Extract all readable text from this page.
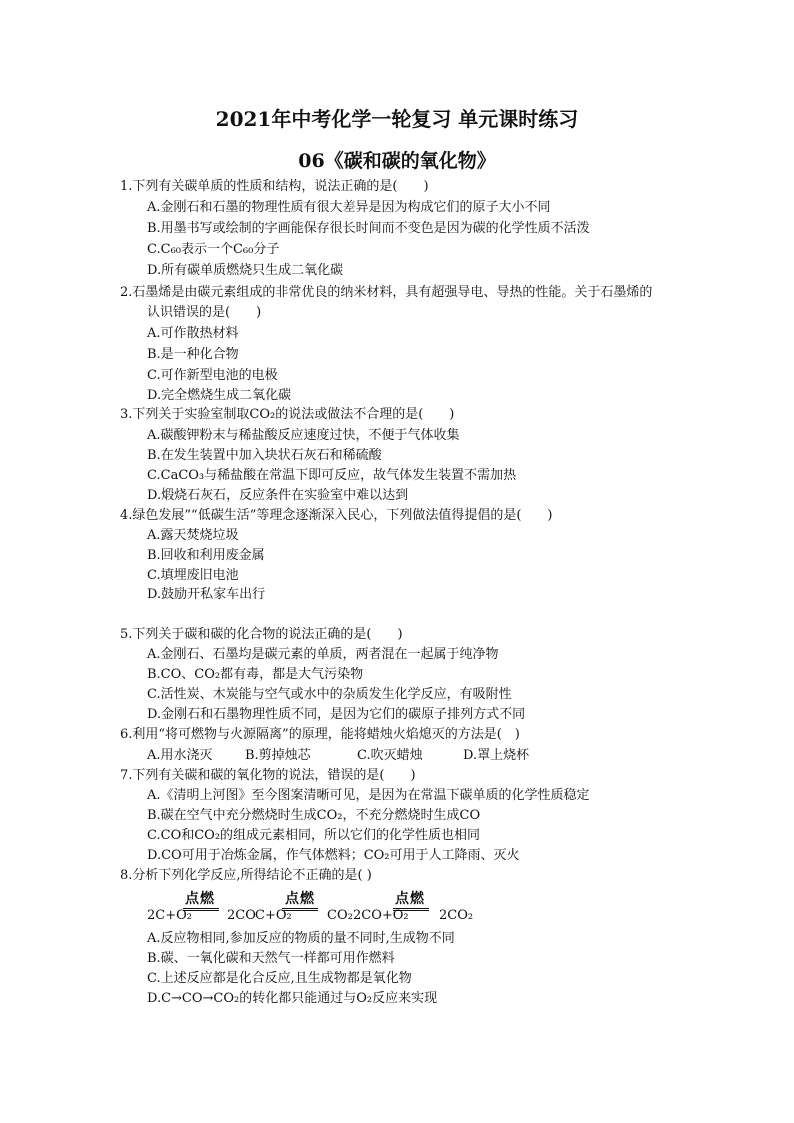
2021年中考化学一轮复习 单元课时练习
06《碳和碳的氧化物》
1.下列有关碳单质的性质和结构，说法正确的是(　　)
A.金刚石和石墨的物理性质有很大差异是因为构成它们的原子大小不同
B.用墨书写或绘制的字画能保存很长时间而不变色是因为碳的化学性质不活泼
C.C₆₀表示一个C₆₀分子
D.所有碳单质燃烧只生成二氧化碳
2.石墨烯是由碳元素组成的非常优良的纳米材料，具有超强导电、导热的性能。关于石墨烯的
认识错误的是(　　)
A.可作散热材料
B.是一种化合物
C.可作新型电池的电极
D.完全燃烧生成二氧化碳
3.下列关于实验室制取CO₂的说法或做法不合理的是(　　)
A.碳酸钾粉末与稀盐酸反应速度过快，不便于气体收集
B.在发生装置中加入块状石灰石和稀硫酸
C.CaCO₃与稀盐酸在常温下即可反应，故气体发生装置不需加热
D.煅烧石灰石，反应条件在实验室中难以达到
4.绿色发展”“低碳生活”等理念逐渐深入民心，下列做法值得提倡的是(　　)
A.露天焚烧垃圾
B.回收和利用废金属
C.填埋废旧电池
D.鼓励开私家车出行
5.下列关于碳和碳的化合物的说法正确的是(　　)
A.金刚石、石墨均是碳元素的单质，两者混在一起属于纯净物
B.CO、CO₂都有毒，都是大气污染物
C.活性炭、木炭能与空气或水中的杂质发生化学反应，有吸附性
D.金刚石和石墨物理性质不同，是因为它们的碳原子排列方式不同
6.利用“将可燃物与火源隔离”的原理，能将蜡烛火焰熄灭的方法是(　)
A.用水浇灭 B.剪掉烛芯	C.吹灭蜡烛	D.罩上烧杯
7.下列有关碳和碳的氧化物的说法，错误的是(　　)
A.《清明上河图》至今图案清晰可见，是因为在常温下碳单质的化学性质稳定
B.碳在空气中充分燃烧时生成CO₂，不充分燃烧时生成CO
C.CO和CO₂的组成元素相同，所以它们的化学性质也相同
D.CO可用于冶炼金属，作气体燃料；CO₂可用于人工降雨、灭火
8.分析下列化学反应,所得结论不正确的是( )
2C+O₂
点燃
2CO C+O₂
点燃
CO₂ 2CO+O₂
点燃
2CO₂
A.反应物相同,参加反应的物质的量不同时,生成物不同
B.碳、一氧化碳和天然气一样都可用作燃料
C.上述反应都是化合反应,且生成物都是氧化物
D.C→CO→CO₂的转化都只能通过与O₂反应来实现
